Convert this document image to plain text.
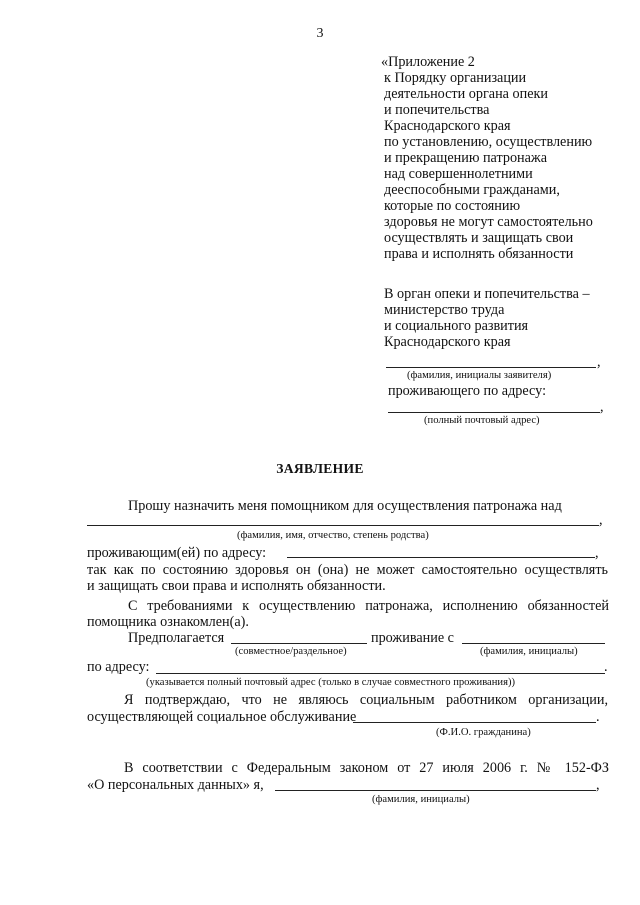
3
«Приложение 2
к Порядку организации
деятельности органа опеки
и попечительства
Краснодарского края
по установлению, осуществлению
и прекращению патронажа
над совершеннолетними
дееспособными гражданами,
которые по состоянию
здоровья не могут самостоятельно
осуществлять и защищать свои
права и исполнять обязанности
В орган опеки и попечительства –
министерство труда
и социального развития
Краснодарского края
,
(фамилия, инициалы заявителя)
проживающего по адресу:
,
(полный почтовый адрес)
ЗАЯВЛЕНИЕ
Прошу назначить меня помощником для осуществления патронажа над
,
(фамилия, имя, отчество, степень родства)
проживающим(ей) по адресу:	,
так как по состоянию здоровья он (она) не может самостоятельно осуществлять
и защищать свои права и исполнять обязанности.
С требованиями к осуществлению патронажа, исполнению обязанностей
помощника ознакомлен(а).
Предполагается	проживание с
(совместное/раздельное)	(фамилия, инициалы)
по адресу:	.
(указывается полный почтовый адрес (только в случае совместного проживания))
Я подтверждаю, что не являюсь социальным работником организации,
осуществляющей социальное обслуживание	.
(Ф.И.О. гражданина)
В соответствии с Федеральным законом от 27 июля 2006 г. № 152-ФЗ
«О персональных данных» я,	,
(фамилия, инициалы)
